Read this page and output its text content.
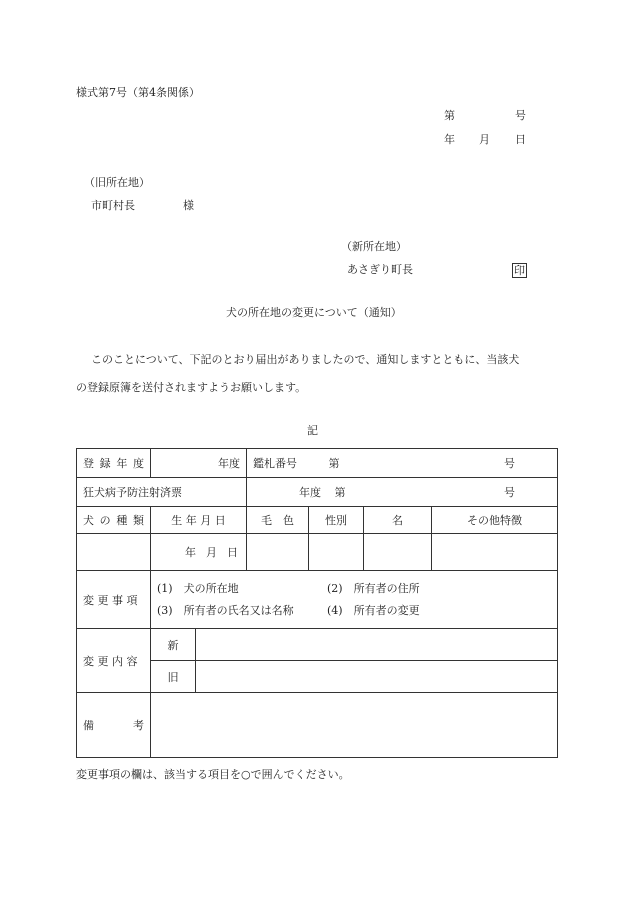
様式第7号（第4条関係）
第	号
年 月 日
（旧所在地）
市町村長	様
（新所在地）
あさぎり町長	印
犬の所在地の変更について（通知）
このことについて、下記のとおり届出がありましたので、通知しますとともに、当該犬
の登録原簿を送付されますようお願いします。
記
登 録 年 度	年度		鑑札番号 第 号			

狂犬病予防注射済票			年度 第 号			

犬 の 種 類	生 年 月 日		毛　色	性別	名	その他特徴

	年 月 日					

変 更 事 項	(1)　 犬の所在地 (2)　 所有者の住所
(3)　 所有者の氏名又は名称 (4)　 所有者の変更					

変 更 内 容	新					
	旧					

備 考						

変更事項の欄は、該当する項目を○で囲んでください。
